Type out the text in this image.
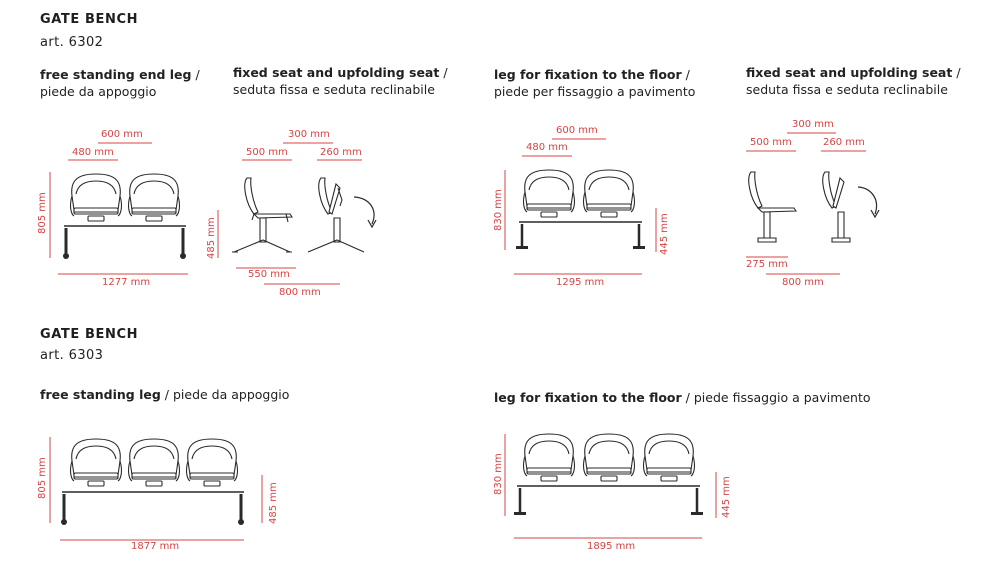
GATE BENCH
art. 6302
free standing end leg /
piede da appoggio
fixed seat and upfolding seat /
seduta fissa e seduta reclinabile
leg for fixation to the floor /
piede per fissaggio a pavimento
fixed seat and upfolding seat /
seduta fissa e seduta reclinabile
GATE BENCH
art. 6303
free standing leg / piede da appoggio	leg for fixation to the floor / piede fissaggio a pavimento
600 mm
480 mm
805 mm
485 mm
1277 mm
300 mm
500 mm	260 mm
550 mm
800 mm
600 mm
480 mm
830 mm
445 mm
1295 mm
300 mm
500 mm	260 mm
275 mm
800 mm
805 mm
485 mm
1877 mm
830 mm
445 mm
1895 mm
